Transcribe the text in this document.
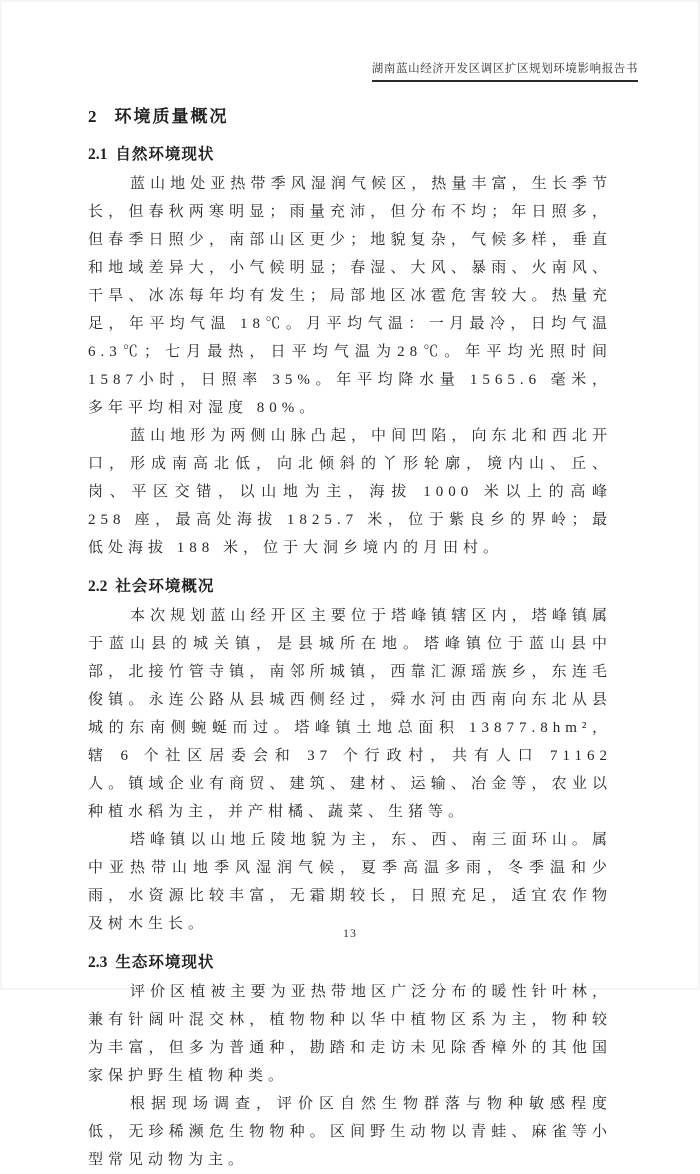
湖南蓝山经济开发区调区扩区规划环境影响报告书
2 环境质量概况
2.1 自然环境现状

蓝山地处亚热带季风湿润气候区，热量丰富，生长季节长，但春秋两寒明显；雨量充沛，但分布不均；年日照多，但春季日照少，南部山区更少；地貌复杂，气候多样，垂直和地域差异大，小气候明显；春湿、大风、暴雨、火南风、干旱、冰冻每年均有发生；局部地区冰雹危害较大。热量充足，年平均气温 18℃。月平均气温：一月最冷，日均气温6.3℃；七月最热，日平均气温为28℃。年平均光照时间1587小时，日照率 35%。年平均降水量 1565.6 毫米，多年平均相对湿度 80%。

蓝山地形为两侧山脉凸起，中间凹陷，向东北和西北开口，形成南高北低，向北倾斜的丫形轮廓，境内山、丘、岗、平区交错，以山地为主，海拔 1000 米以上的高峰258 座，最高处海拔 1825.7 米，位于紫良乡的界岭；最低处海拔 188 米，位于大洞乡境内的月田村。

2.2 社会环境概况

本次规划蓝山经开区主要位于塔峰镇辖区内，塔峰镇属于蓝山县的城关镇，是县城所在地。塔峰镇位于蓝山县中部，北接竹管寺镇，南邻所城镇，西靠汇源瑶族乡，东连毛俊镇。永连公路从县城西侧经过，舜水河由西南向东北从县城的东南侧蜿蜒而过。塔峰镇土地总面积 13877.8hm²，辖 6 个社区居委会和 37 个行政村，共有人口 71162 人。镇域企业有商贸、建筑、建材、运输、冶金等，农业以种植水稻为主，并产柑橘、蔬菜、生猪等。

塔峰镇以山地丘陵地貌为主，东、西、南三面环山。属中亚热带山地季风湿润气候，夏季高温多雨，冬季温和少雨，水资源比较丰富，无霜期较长，日照充足，适宜农作物及树木生长。

2.3 生态环境现状

评价区植被主要为亚热带地区广泛分布的暖性针叶林，兼有针阔叶混交林，植物物种以华中植物区系为主，物种较为丰富，但多为普通种，勘踏和走访未见除香樟外的其他国家保护野生植物种类。

根据现场调查，评价区自然生物群落与物种敏感程度低，无珍稀濒危生物物种。区间野生动物以青蛙、麻雀等小型常见动物为主。

13
